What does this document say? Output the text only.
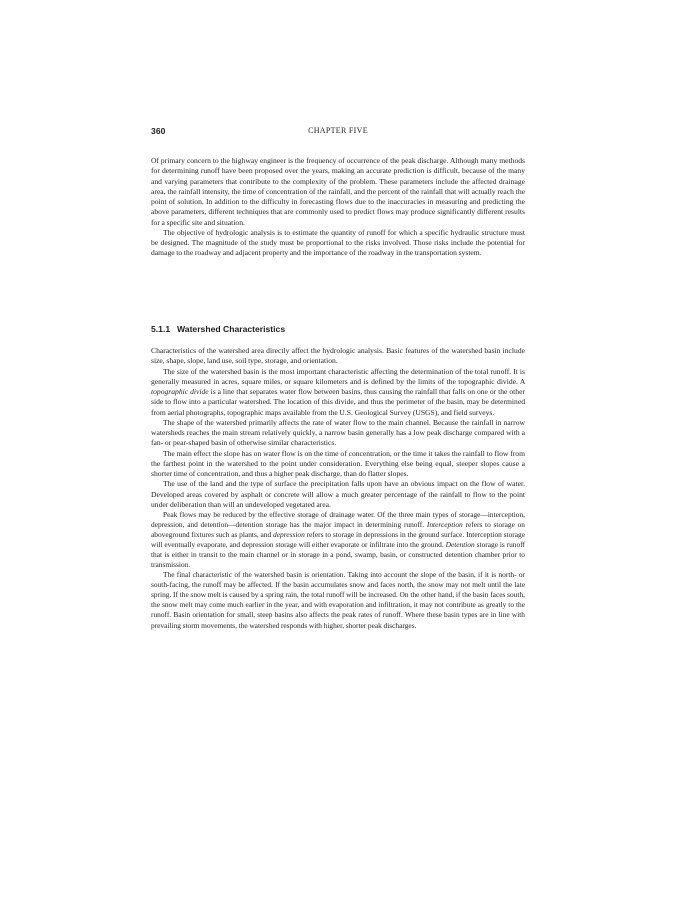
360	CHAPTER FIVE

Of primary concern to the highway engineer is the frequency of occurrence of the peak discharge. Although many methods for determining runoff have been proposed over the years, making an accurate prediction is difficult, because of the many and varying parameters that contribute to the complexity of the problem. These parameters include the affected drainage area, the rainfall intensity, the time of concentration of the rainfall, and the percent of the rainfall that will actually reach the point of solution. In addition to the difficulty in forecasting flows due to the inaccuracies in measuring and predicting the above parameters, different techniques that are commonly used to predict flows may produce significantly different results for a specific site and situation.

The objective of hydrologic analysis is to estimate the quantity of runoff for which a specific hydraulic structure must be designed. The magnitude of the study must be proportional to the risks involved. Those risks include the potential for damage to the roadway and adjacent property and the importance of the roadway in the transportation system.

5.1.1 Watershed Characteristics

Characteristics of the watershed area directly affect the hydrologic analysis. Basic features of the watershed basin include size, shape, slope, land use, soil type, storage, and orientation.

The size of the watershed basin is the most important characteristic affecting the determination of the total runoff. It is generally measured in acres, square miles, or square kilometers and is defined by the limits of the topographic divide. A topographic divide is a line that separates water flow between basins, thus causing the rainfall that falls on one or the other side to flow into a particular watershed. The location of this divide, and thus the perimeter of the basin, may be determined from aerial photographs, topographic maps available from the U.S. Geological Survey (USGS), and field surveys.

The shape of the watershed primarily affects the rate of water flow to the main channel. Because the rainfall in narrow watersheds reaches the main stream relatively quickly, a narrow basin generally has a low peak discharge compared with a fan- or pear-shaped basin of otherwise similar characteristics.

The main effect the slope has on water flow is on the time of concentration, or the time it takes the rainfall to flow from the farthest point in the watershed to the point under consideration. Everything else being equal, steeper slopes cause a shorter time of concentration, and thus a higher peak discharge, than do flatter slopes.

The use of the land and the type of surface the precipitation falls upon have an obvious impact on the flow of water. Developed areas covered by asphalt or concrete will allow a much greater percentage of the rainfall to flow to the point under deliberation than will an undeveloped vegetated area.

Peak flows may be reduced by the effective storage of drainage water. Of the three main types of storage—interception, depression, and detention—detention storage has the major impact in determining runoff. Interception refers to storage on aboveground fixtures such as plants, and depression refers to storage in depressions in the ground surface. Interception storage will eventually evaporate, and depression storage will either evaporate or infiltrate into the ground. Detention storage is runoff that is either in transit to the main channel or in storage in a pond, swamp, basin, or constructed detention chamber prior to transmission.

The final characteristic of the watershed basin is orientation. Taking into account the slope of the basin, if it is north- or south-facing, the runoff may be affected. If the basin accumulates snow and faces north, the snow may not melt until the late spring. If the snow melt is caused by a spring rain, the total runoff will be increased. On the other hand, if the basin faces south, the snow melt may come much earlier in the year, and with evaporation and infiltration, it may not contribute as greatly to the runoff. Basin orientation for small, steep basins also affects the peak rates of runoff. Where these basin types are in line with prevailing storm movements, the watershed responds with higher, shorter peak discharges.
